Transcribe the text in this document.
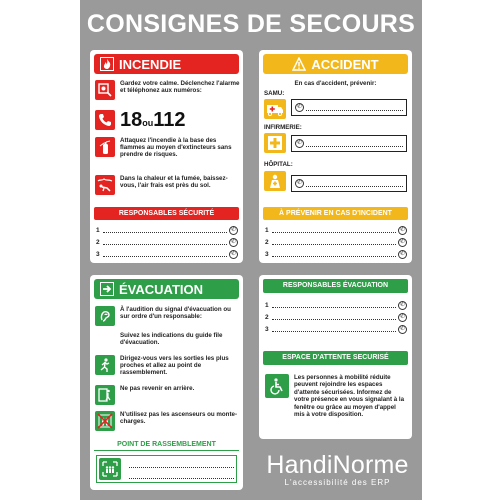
CONSIGNES DE SECOURS
INCENDIE
Gardez votre calme. Déclenchez l'alarme et téléphonez aux numéros:
18ou112
Attaquez l'incendie à la base des flammes au moyen d'extincteurs sans prendre de risques.
Dans la chaleur et la fumée, baissez-vous, l'air frais est près du sol.
RESPONSABLES SÉCURITÉ
1	✆
2	✆
3	✆
ACCIDENT
En cas d'accident, prévenir:
SAMU:
✆
INFIRMERIE:
✆
HÔPITAL:
✆
À PRÉVENIR EN CAS D'INCIDENT
1	✆
2	✆
3	✆
ÉVACUATION
À l'audition du signal d'évacuation ou sur ordre d'un responsable:
Suivez les indications du guide file d'évacuation.
Dirigez-vous vers les sorties les plus proches et allez au point de rassemblement.
Ne pas revenir en arrière.
N'utilisez pas les ascenseurs ou monte-charges.
POINT DE RASSEMBLEMENT
RESPONSABLES ÉVACUATION
1	✆
2	✆
3	✆
ESPACE D'ATTENTE SECURISÉ
Les personnes à mobilité réduite peuvent rejoindre les espaces d'attente sécurisées. Informez de votre présence en vous signalant à la fenêtre ou grâce au moyen d'appel mis à votre disposition.
HandiNorme
L'accessibilité des ERP
